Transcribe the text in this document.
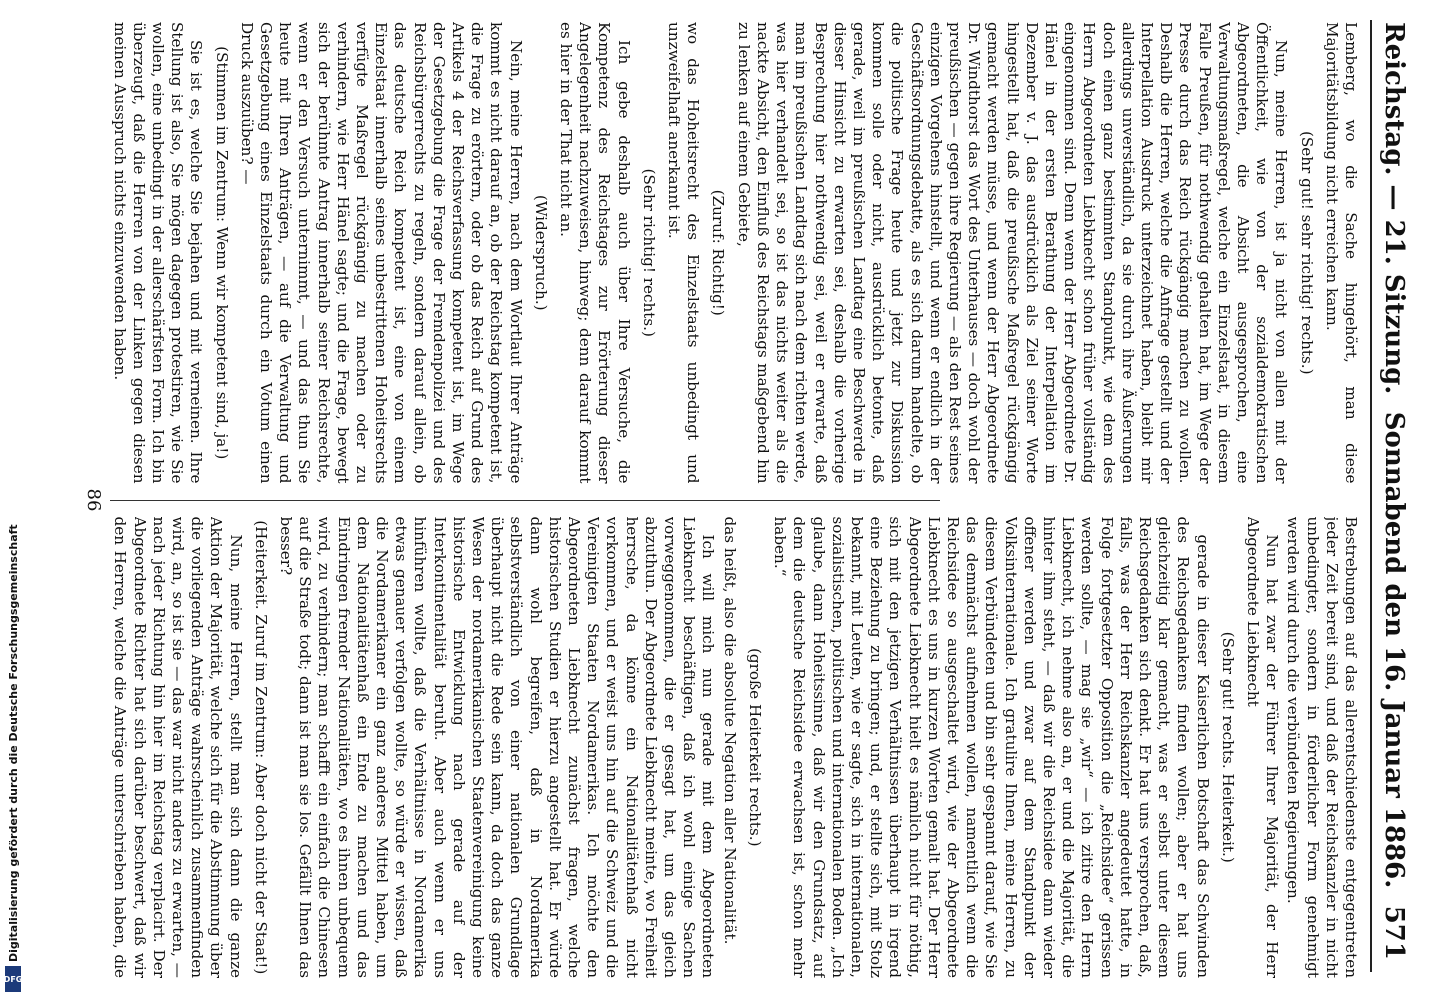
Reichstag. — 21. Sitzung.
Sonnabend den 16. Januar 1886.
571

Lemberg, wo die Sache hingehört, man diese Majoritätsbildung nicht erreichen kann.

(Sehr gut! sehr richtig! rechts.)

Nun, meine Herren, ist ja nicht von allen mit der Öffentlichkeit, wie von der sozialdemokratischen Abgeordneten, die Absicht ausgesprochen, eine Verwaltungsmaßregel, welche ein Einzelstaat, in diesem Falle Preußen, für nothwendig gehalten hat, im Wege der Presse durch das Reich rückgängig machen zu wollen. Deshalb die Herren, welche die Anfrage gestellt und der Interpellation Ausdruck unterzeichnet haben, bleibt mir allerdings unverständlich, da sie durch ihre Äußerungen doch einen ganz bestimmten Standpunkt, wie dem des Herrn Abgeordneten Liebknecht schon früher vollständig eingenommen sind. Denn wenn der Herr Abgeordnete Dr. Hänel in der ersten Berathung der Interpellation im Dezember v. J. das ausdrücklich als Ziel seiner Worte hingestellt hat, daß die preußische Maßregel rückgängig gemacht werden müsse, und wenn der Herr Abgeordnete Dr. Windthorst das Wort des Unterhauses — doch wohl der preußischen — gegen ihre Regierung — als den Rest seines einzigen Vorgehens hinstellt, und wenn er endlich in der Geschäftsordnungsdebatte, als es sich darum handelte, ob die politische Frage heute und jetzt zur Diskussion kommen solle oder nicht, ausdrücklich betonte, daß gerade, weil im preußischen Landtag eine Beschwerde in dieser Hinsicht zu erwarten sei, deshalb die vorherige Besprechung hier nothwendig sei, weil er erwarte, daß man im preußischen Landtag sich nach dem richten werde, was hier verhandelt sei, so ist das nichts weiter als die nackte Absicht, den Einfluß des Reichstags maßgebend hin zu lenken auf einem Gebiete,

(Zuruf: Richtig!)

wo das Hoheitsrecht des Einzelstaats unbedingt und unzweifelhaft anerkannt ist.

(Sehr richtig! rechts.)

Ich gebe deshalb auch über Ihre Versuche, die Kompetenz des Reichstages zur Erörterung dieser Angelegenheit nachzuweisen, hinweg; denn darauf kommt es hier in der That nicht an.

(Widerspruch.)

Nein, meine Herren, nach dem Wortlaut Ihrer Anträge kommt es nicht darauf an, ob der Reichstag kompetent ist, die Frage zu erörtern, oder ob das Reich auf Grund des Artikels 4 der Reichsverfassung kompetent ist, im Wege der Gesetzgebung die Frage der Fremdenpolizei und des Reichsbürgerrechts zu regeln, sondern darauf allein, ob das deutsche Reich kompetent ist, eine von einem Einzelstaat innerhalb seines unbestrittenen Hoheitsrechts verfügte Maßregel rückgängig zu machen oder zu verhindern, wie Herr Hänel sagte; und die Frage, bewegt sich der berühmte Antrag innerhalb seiner Reichsrechte, wenn er den Versuch unternimmt, — und das thun Sie heute mit Ihren Anträgen, — auf die Verwaltung und Gesetzgebung eines Einzelstaats durch ein Votum einen Druck auszuüben? —

(Stimmen im Zentrum: Wenn wir kompetent sind, ja!)

Sie ist es, welche Sie bejahen und mit verneinen. Ihre Stellung ist also, Sie mögen dagegen protestiren, wie Sie wollen, eine unbedingt in der allerschärfsten Form. Ich bin überzeugt, daß die Herren von der Linken gegen diesen meinen Ausspruch nichts einzuwenden haben.

Bestrebungen auf das allerentschiedenste entgegentreten jeder Zeit bereit sind, und daß der Reichskanzler in nicht unbedingter, sondern in förderlicher Form genehmigt werden wird durch die verbündeten Regierungen.

Nun hat zwar der Führer Ihrer Majorität, der Herr Abgeordnete Liebknecht

(Sehr gut! rechts. Heiterkeit.)

gerade in dieser Kaiserlichen Botschaft das Schwinden des Reichsgedankens finden wollen; aber er hat uns gleichzeitig klar gemacht, was er selbst unter diesem Reichsgedanken sich denkt. Er hat uns versprochen, daß, falls, was der Herr Reichskanzler angedeutet hatte, in Folge fortgesetzter Opposition die „Reichsidee“ gerissen werden sollte, — mag sie „wir“ — ich zitire den Herrn Liebknecht, ich nehme also an, er und die Majorität, die hinter ihm steht, — daß wir die Reichsidee dann wieder offener werden und zwar auf dem Standpunkt der Volksinternationale. Ich gratulire Ihnen, meine Herren, zu diesem Verbündeten und bin sehr gespannt darauf, wie Sie das demnächst aufnehmen wollen, namentlich wenn die Reichsidee so ausgeschaltet wird, wie der Abgeordnete Liebknecht es uns in kurzen Worten gemalt hat. Der Herr Abgeordnete Liebknecht hielt es nämlich nicht für nöthig, sich mit den jetzigen Verhältnissen überhaupt in irgend eine Beziehung zu bringen; und, er stellte sich, mit Stolz bekannt, mit Leuten, wie er sagte, sich in internationalen, sozialistischen, politischen und internationalen Boden. „Ich glaube, dann Hoheitssinne, daß wir den Grundsatz, auf dem die deutsche Reichsidee erwachsen ist, schon mehr haben.“

(große Heiterkeit rechts.)

das heißt, also die absolute Negation aller Nationalität.

Ich will mich nun gerade mit dem Abgeordneten Liebknecht beschäftigen, daß ich wohl einige Sachen vorweggenommen, die er gesagt hat, um das gleich abzuthun. Der Abgeordnete Liebknecht meinte, wo Freiheit herrsche, da könne ein Nationalitätenhaß nicht vorkommen, und er weist uns hin auf die Schweiz und die Vereinigten Staaten Nordamerikas. Ich möchte den Abgeordneten Liebknecht zunächst fragen, welche historischen Studien er hierzu angestellt hat. Er würde dann wohl begreifen, daß in Nordamerika selbstverständlich von einer nationalen Grundlage überhaupt nicht die Rede sein kann, da doch das ganze Wesen der nordamerikanischen Staatenvereinigung keine historische Entwicklung nach gerade auf der Interkontinentalität beruht. Aber auch wenn er uns hinführen wollte, daß die Verhältnisse in Nordamerika etwas genauer verfolgen wollte, so würde er wissen, daß die Nordamerikaner ein ganz anderes Mittel haben, um dem Nationalitätenhaß ein Ende zu machen und das Eindringen fremder Nationalitäten, wo es ihnen unbequem wird, zu verhindern; man schafft ein einfach die Chinesen auf die Straße todt; dann ist man sie los. Gefällt Ihnen das besser?

(Heiterkeit. Zuruf im Zentrum: Aber doch nicht der Staat!)

Nun, meine Herren, stellt man sich dann die ganze Aktion der Majorität, welche sich für die Abstimmung über die vorliegenden Anträge wahrscheinlich zusammenfinden wird, an, so ist sie — das war nicht anders zu erwarten, — nach jeder Richtung hin hier im Reichstag verplacirt. Der Abgeordnete Richter hat sich darüber beschwert, daß wir den Herren, welche die Anträge unterschrieben haben, die

86
Digitalisierung gefördert durch die Deutsche Forschungsgemeinschaft
DFG
